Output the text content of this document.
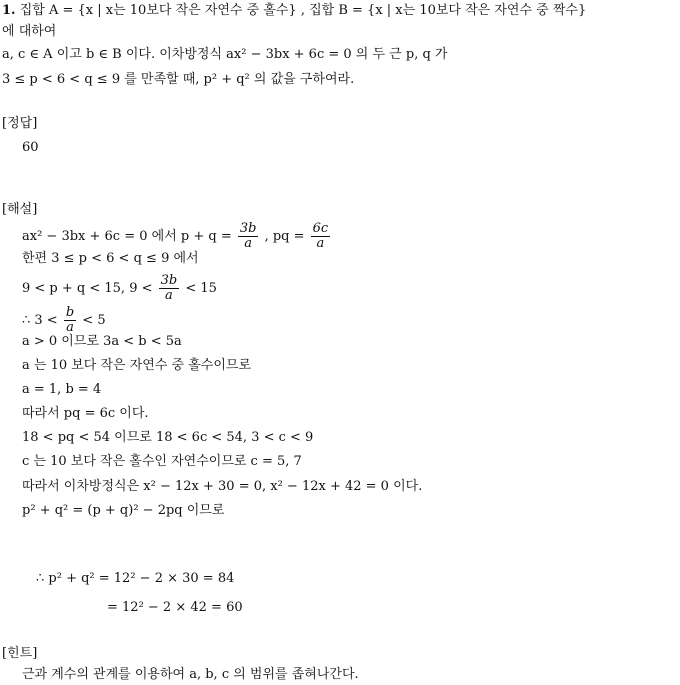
1. 집합 A = {x | x는 10보다 작은 자연수 중 홀수} , 집합 B = {x | x는 10보다 작은 자연수 중 짝수}
에 대하여
a, c ∈ A 이고 b ∈ B 이다. 이차방정식 ax² − 3bx + 6c = 0 의 두 근 p, q 가
3 ≤ p < 6 < q ≤ 9 를 만족할 때, p² + q² 의 값을 구하여라.
[정답]
60
[해설]
ax² − 3bx + 6c = 0 에서 $p + q = \frac{3b}{a}$ , pq = $\frac{6c}{a}$
한편 3 ≤ p < 6 < q ≤ 9 에서
9 < p + q < 15, $9 < \frac{3b}{a} < 15$
∴ $3 < \frac{b}{a} < 5$
a > 0 이므로 3a < b < 5a
a 는 10 보다 작은 자연수 중 홀수이므로
a = 1, b = 4
따라서 pq = 6c 이다.
18 < pq < 54 이므로 18 < 6c < 54, 3 < c < 9
c 는 10 보다 작은 홀수인 자연수이므로 c = 5, 7
따라서 이차방정식은 x² − 12x + 30 = 0, x² − 12x + 42 = 0 이다.
p² + q² = (p + q)² − 2pq 이므로
∴ p² + q² = 12² − 2 × 30 = 84
= 12² − 2 × 42 = 60
[힌트]
근과 계수의 관계를 이용하여 a, b, c 의 범위를 좁혀나간다.
